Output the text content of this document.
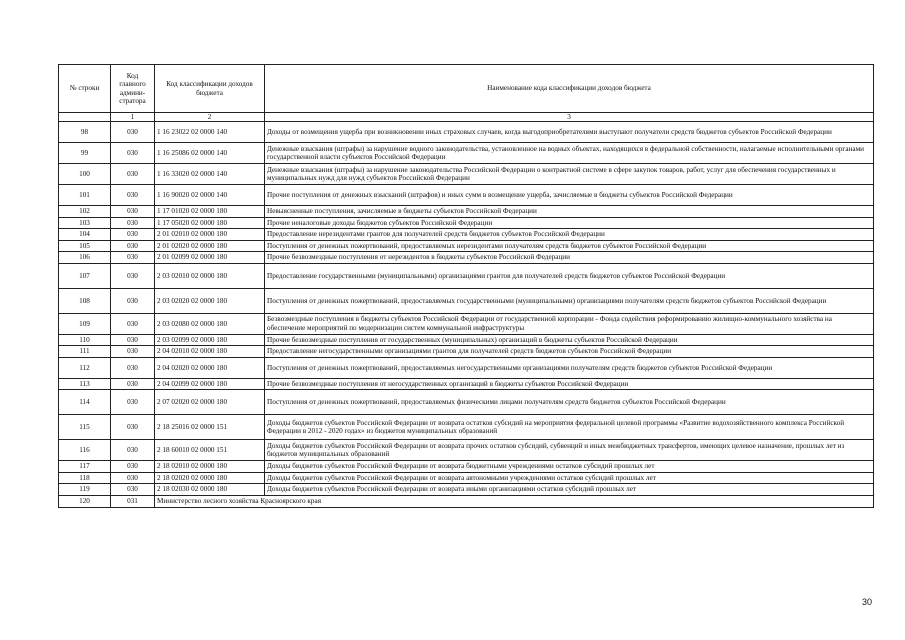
№ строки	Код главного админи-стратора	Код классификации доходов бюджета	Наименование кода классификации доходов бюджета
	1	2	3
98	030	1 16 23022 02 0000 140	Доходы от возмещения ущерба при возникновении иных страховых случаев, когда выгодоприобретателями выступают получатели средств бюджетов субъектов Российской Федерации
99	030	1 16 25086 02 0000 140	Денежные взыскания (штрафы) за нарушение водного законодательства, установленное на водных объектах, находящихся в федеральной собственности, налагаемые исполнительными органами государственной власти субъектов Российской Федерации
100	030	1 16 33020 02 0000 140	Денежные взыскания (штрафы) за нарушение законодательства Российской Федерации о контрактной системе в сфере закупок товаров, работ, услуг для обеспечения государственных и муниципальных нужд для нужд субъектов Российской Федерации
101	030	1 16 90020 02 0000 140	Прочие поступления от денежных взысканий (штрафов) и иных сумм в возмещение ущерба, зачисляемые в бюджеты субъектов Российской Федерации
102	030	1 17 01020 02 0000 180	Невыясненные поступления, зачисляемые в бюджеты субъектов Российской Федерации
103	030	1 17 05020 02 0000 180	Прочие неналоговые доходы бюджетов субъектов Российской Федерации
104	030	2 01 02010 02 0000 180	Предоставление нерезидентами грантов для получателей средств бюджетов субъектов Российской Федерации
105	030	2 01 02020 02 0000 180	Поступления от денежных пожертвований, предоставляемых нерезидентами получателям средств бюджетов субъектов Российской Федерации
106	030	2 01 02099 02 0000 180	Прочие безвозмездные поступления от нерезидентов в бюджеты субъектов Российской Федерации
107	030	2 03 02010 02 0000 180	Предоставление государственными (муниципальными) организациями грантов для получателей средств бюджетов субъектов Российской Федерации
108	030	2 03 02020 02 0000 180	Поступления от денежных пожертвований, предоставляемых государственными (муниципальными) организациями получателям средств бюджетов субъектов Российской Федерации
109	030	2 03 02080 02 0000 180	Безвозмездные поступления в бюджеты субъектов Российской Федерации от государственной корпорации - Фонда содействия реформированию жилищно-коммунального хозяйства на обеспечение мероприятий по модернизации систем коммунальной инфраструктуры
110	030	2 03 02099 02 0000 180	Прочие безвозмездные поступления от государственных (муниципальных) организаций в бюджеты субъектов Российской Федерации
111	030	2 04 02010 02 0000 180	Предоставление негосударственными организациями грантов для получателей средств бюджетов субъектов Российской Федерации
112	030	2 04 02020 02 0000 180	Поступления от денежных пожертвований, предоставляемых негосударственными организациями получателям средств бюджетов субъектов Российской Федерации
113	030	2 04 02099 02 0000 180	Прочие безвозмездные поступления от негосударственных организаций в бюджеты субъектов Российской Федерации
114	030	2 07 02020 02 0000 180	Поступления от денежных пожертвований, предоставляемых физическими лицами получателям средств бюджетов субъектов Российской Федерации
115	030	2 18 25016 02 0000 151	Доходы бюджетов субъектов Российской Федерации от возврата остатков субсидий на мероприятия федеральной целевой программы «Развитие водохозяйственного комплекса Российской Федерации в 2012 - 2020 годах» из бюджетов муниципальных образований
116	030	2 18 60010 02 0000 151	Доходы бюджетов субъектов Российской Федерации от возврата прочих остатков субсидий, субвенций и иных межбюджетных трансфертов, имеющих целевое назначение, прошлых лет из бюджетов муниципальных образований
117	030	2 18 02010 02 0000 180	Доходы бюджетов субъектов Российской Федерации от возврата бюджетными учреждениями остатков субсидий прошлых лет
118	030	2 18 02020 02 0000 180	Доходы бюджетов субъектов Российской Федерации от возврата автономными учреждениями остатков субсидий прошлых лет
119	030	2 18 02030 02 0000 180	Доходы бюджетов субъектов Российской Федерации от возврата иными организациями остатков субсидий прошлых лет
120	031	Министерство лесного хозяйства Красноярского края	
30
